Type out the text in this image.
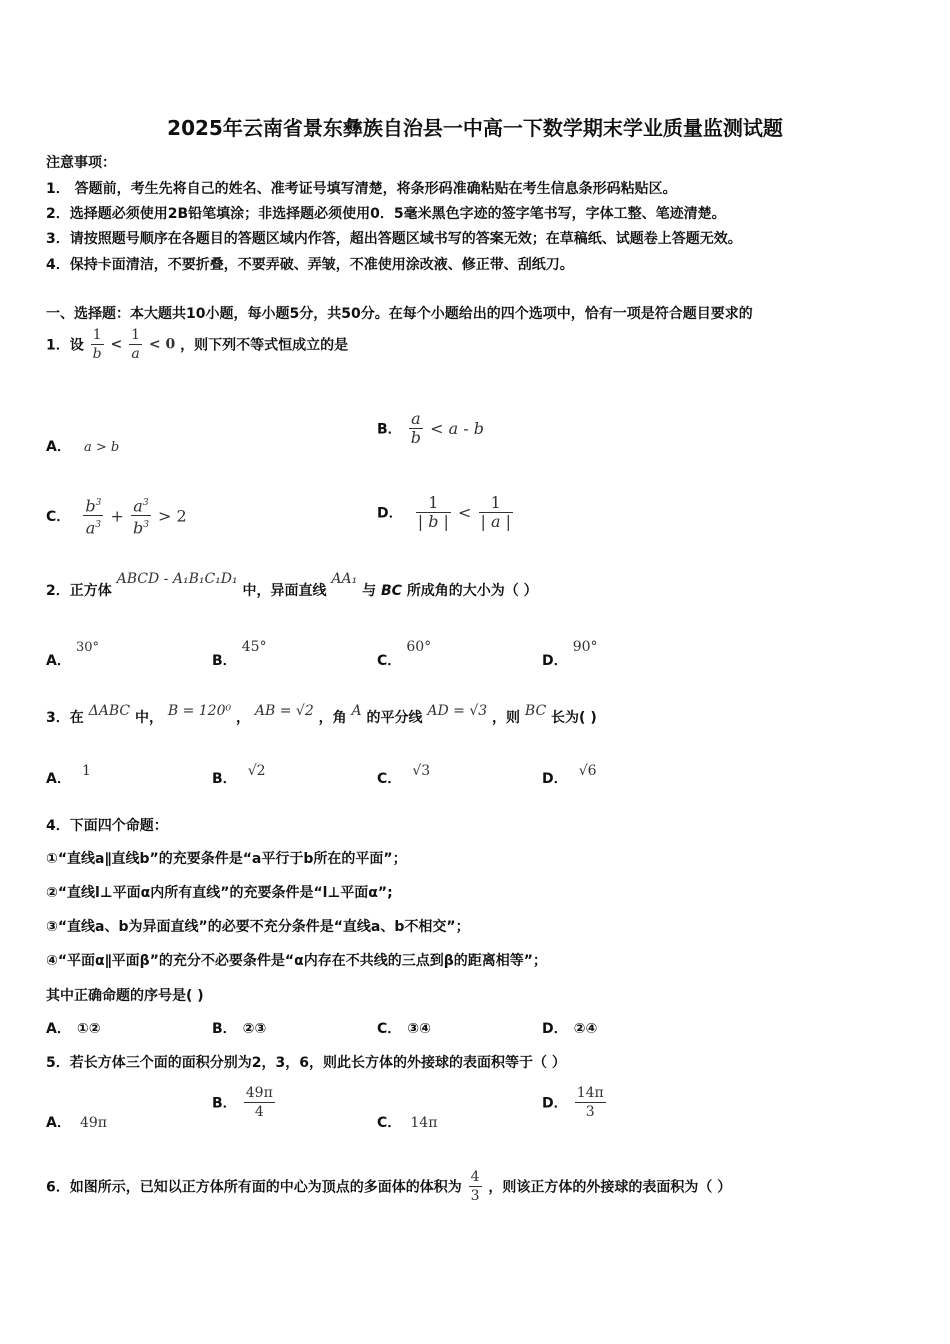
2025年云南省景东彝族自治县一中高一下数学期末学业质量监测试题
注意事项：
1． 答题前，考生先将自己的姓名、准考证号填写清楚，将条形码准确粘贴在考生信息条形码粘贴区。
2．选择题必须使用2B铅笔填涂；非选择题必须使用0．5毫米黑色字迹的签字笔书写，字体工整、笔迹清楚。
3．请按照题号顺序在各题目的答题区域内作答，超出答题区域书写的答案无效；在草稿纸、试题卷上答题无效。
4．保持卡面清洁，不要折叠，不要弄破、弄皱，不准使用涂改液、修正带、刮纸刀。
一、选择题：本大题共10小题，每小题5分，共50分。在每个小题给出的四个选项中，恰有一项是符合题目要求的
1．设 $\frac{1}{b} < \frac{1}{a} < 0$ ，则下列不等式恒成立的是
A． a > b
B． $\frac{a}{b} < a - b$
C． $\frac{b^3}{a^3} + \frac{a^3}{b^3} > 2$	D． $\frac{1}{| b |} < \frac{1}{| a |}$
2．正方体 ABCD - A₁B₁C₁D₁ 中，异面直线 AA₁ 与 BC 所成角的大小为（ ）
A． 30°
B． 45°
C． 60°
D． 90°
3．在 ΔABC 中， B = 120⁰ ， AB = √2 ，角 A 的平分线 AD = √3 ，则 BC 长为( )
A． 1	B． √2	C． √3	D． √6
4．下面四个命题：
①“直线a∥直线b”的充要条件是“a平行于b所在的平面”；
②“直线l⊥平面α内所有直线”的充要条件是“l⊥平面α”;
③“直线a、b为异面直线”的必要不充分条件是“直线a、b不相交”；
④“平面α∥平面β”的充分不必要条件是“α内存在不共线的三点到β的距离相等”；
其中正确命题的序号是( )
A． ①②	B． ②③	C． ③④	D． ②④
5．若长方体三个面的面积分别为2，3，6，则此长方体的外接球的表面积等于（ ）
A． 49π
B． $\frac{49\pi}{4}$
C． 14π
D． $\frac{14\pi}{3}$
6．如图所示，已知以正方体所有面的中心为顶点的多面体的体积为 $\frac{4}{3}$ ，则该正方体的外接球的表面积为（ ）
